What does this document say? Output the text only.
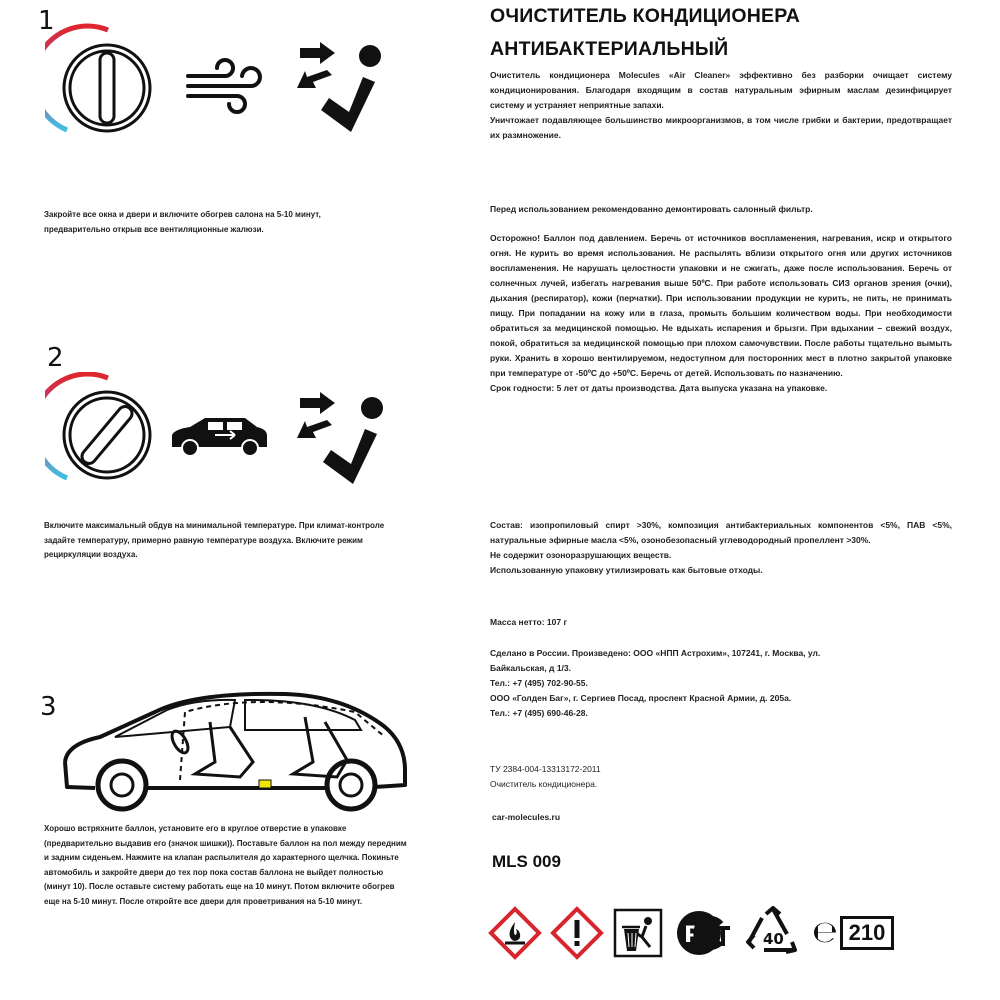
1
Закройте все окна и двери и включите обогрев салона на 5-10 минут, предварительно открыв все вентиляционные жалюзи.
2
Включите максимальный обдув на минимальной температуре. При климат-контроле задайте температуру, примерно равную температуре воздуха. Включите режим рециркуляции воздуха.
3
Хорошо встряхните баллон, установите его в круглое отверстие в упаковке (предварительно выдавив его (значок шишки)). Поставьте баллон на пол между передним и задним сиденьем. Нажмите на клапан распылителя до характерного щелчка. Покиньте автомобиль и закройте двери до тех пор пока состав баллона не выйдет полностью (минут 10). После оставьте систему работать еще на 10 минут. Потом включите обогрев еще на 5-10 минут. После откройте все двери для проветривания на 5-10 минут.
ОЧИСТИТЕЛЬ КОНДИЦИОНЕРА
АНТИБАКТЕРИАЛЬНЫЙ

Очиститель кондиционера Molecules «Air Cleaner» эффективно без разборки очищает систему кондиционирования. Благодаря входящим в состав натуральным эфирным маслам дезинфицирует систему и устраняет неприятные запахи.

Уничтожает подавляющее большинство микроорганизмов, в том числе грибки и бактерии, предотвращает их размножение.

Перед использованием рекомендованно демонтировать салонный фильтр.

Осторожно! Баллон под давлением. Беречь от источников воспламенения, нагревания, искр и открытого огня. Не курить во время использования. Не распылять вблизи открытого огня или других источников воспламенения. Не нарушать целостности упаковки и не сжигать, даже после использования. Беречь от солнечных лучей, избегать нагревания выше 50ºC. При работе использовать СИЗ органов зрения (очки), дыхания (респиратор), кожи (перчатки). При использовании продукции не курить, не пить, не принимать пищу. При попадании на кожу или в глаза, промыть большим количеством воды. При необходимости обратиться за медицинской помощью. Не вдыхать испарения и брызги. При вдыхании – свежий воздух, покой, обратиться за медицинской помощью при плохом самочувствии. После работы тщательно вымыть руки. Хранить в хорошо вентилируемом, недоступном для посторонних мест в плотно закрытой упаковке при температуре от -50ºC до +50ºC. Беречь от детей. Использовать по назначению.
Срок годности: 5 лет от даты производства. Дата выпуска указана на упаковке.

Состав: изопропиловый спирт >30%, композиция антибактериальных компонентов <5%, ПАВ <5%, натуральные эфирные масла <5%, озонобезопасный углеводородный пропеллент >30%.

Не содержит озоноразрушающих веществ.

Использованную упаковку утилизировать как бытовые отходы.

Масса нетто: 107 г

Сделано в России. Произведено: ООО «НПП Астрохим», 107241, г. Москва, ул. Байкальская, д 1/3.

Тел.: +7 (495) 702-90-55.

ООО «Голден Баг», г. Сергиев Посад, проспект Красной Армии, д. 205а.

Тел.: +7 (495) 690-46-28.

ТУ 2384-004-13313172-2011

Очиститель кондиционера.

car-molecules.ru
MLS 009
Р	40 ℮ 210
